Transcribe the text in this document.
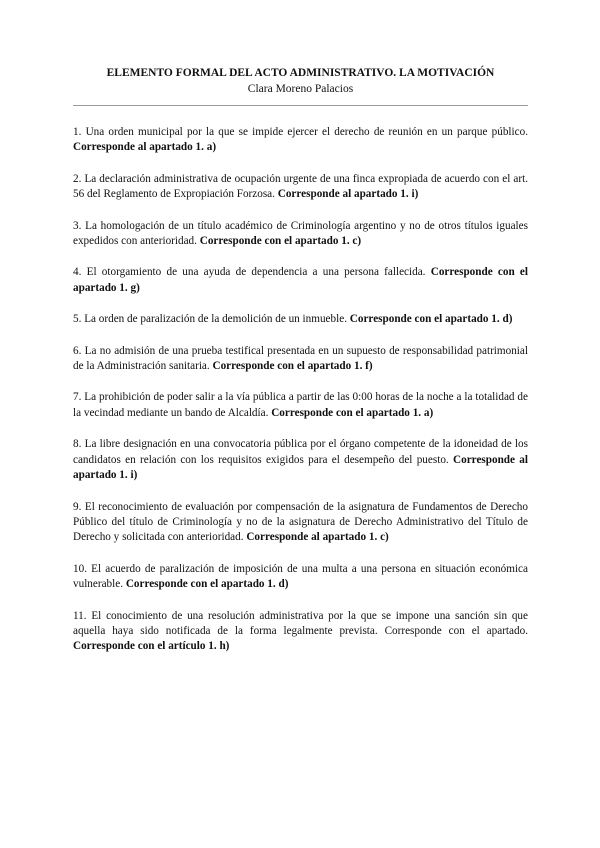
ELEMENTO FORMAL DEL ACTO ADMINISTRATIVO. LA MOTIVACIÓN

Clara Moreno Palacios

1. Una orden municipal por la que se impide ejercer el derecho de reunión en un parque público. Corresponde al apartado 1. a)

2. La declaración administrativa de ocupación urgente de una finca expropiada de acuerdo con el art. 56 del Reglamento de Expropiación Forzosa. Corresponde al apartado 1. i)

3. La homologación de un título académico de Criminología argentino y no de otros títulos iguales expedidos con anterioridad. Corresponde con el apartado 1. c)

4. El otorgamiento de una ayuda de dependencia a una persona fallecida. Corresponde con el apartado 1. g)

5. La orden de paralización de la demolición de un inmueble. Corresponde con el apartado 1. d)

6. La no admisión de una prueba testifical presentada en un supuesto de responsabilidad patrimonial de la Administración sanitaria. Corresponde con el apartado 1. f)

7. La prohibición de poder salir a la vía pública a partir de las 0:00 horas de la noche a la totalidad de la vecindad mediante un bando de Alcaldía. Corresponde con el apartado 1. a)

8. La libre designación en una convocatoria pública por el órgano competente de la idoneidad de los candidatos en relación con los requisitos exigidos para el desempeño del puesto. Corresponde al apartado 1. i)

9. El reconocimiento de evaluación por compensación de la asignatura de Fundamentos de Derecho Público del título de Criminología y no de la asignatura de Derecho Administrativo del Título de Derecho y solicitada con anterioridad. Corresponde al apartado 1. c)

10. El acuerdo de paralización de imposición de una multa a una persona en situación económica vulnerable. Corresponde con el apartado 1. d)

11. El conocimiento de una resolución administrativa por la que se impone una sanción sin que aquella haya sido notificada de la forma legalmente prevista. Corresponde con el apartado. Corresponde con el artículo 1. h)
